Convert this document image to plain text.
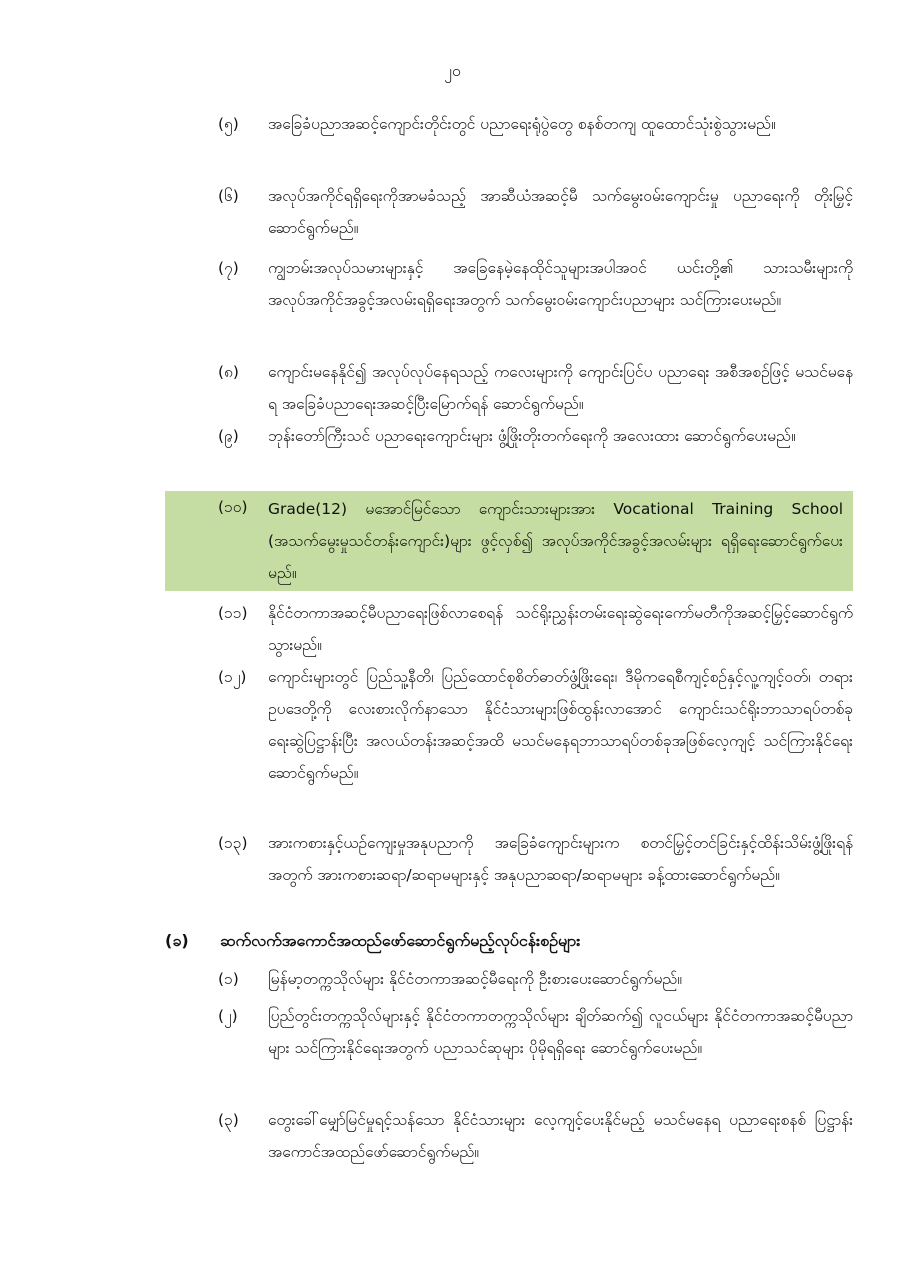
၂၀
(၅) အခြေခံပညာအဆင့်ကျောင်းတိုင်းတွင် ပညာရေးရုံပွဲတွေ စနစ်တကျ ထူထောင်သုံးစွဲသွားမည်။
(၆) အလုပ်အကိုင်ရရှိရေးကိုအာမခံသည့် အာဆီယံအဆင့်မီ သက်မွေးဝမ်းကျောင်းမှု ပညာရေးကို တိုးမြှင့် ဆောင်ရွက်မည်။
(၇) ကျွဘမ်းအလုပ်သမားများနှင့် အခြေနေမဲ့နေထိုင်သူများအပါအဝင် ယင်းတို့၏ သားသမီးများကို အလုပ်အကိုင်အခွင့်အလမ်းရရှိရေးအတွက် သက်မွေးဝမ်းကျောင်းပညာများ သင်ကြားပေးမည်။
(၈) ကျောင်းမနေနိုင်၍ အလုပ်လုပ်နေရသည့် ကလေးများကို ကျောင်းပြင်ပ ပညာရေး အစီအစဉ်ဖြင့် မသင်မနေရ အခြေခံပညာရေးအဆင့်ပြီးမြောက်ရန် ဆောင်ရွက်မည်။
(၉) ဘုန်းတော်ကြီးသင် ပညာရေးကျောင်းများ ဖွံ့ဖြိုးတိုးတက်ရေးကို အလေးထား ဆောင်ရွက်ပေးမည်။
(၁၀) Grade(12) မအောင်မြင်သော ကျောင်းသားများအား Vocational Training School (အသက်မွေးမှုသင်တန်းကျောင်း)များ ဖွင့်လှစ်၍ အလုပ်အကိုင်အခွင့်အလမ်းများ ရရှိရေးဆောင်ရွက်ပေးမည်။
(၁၁) နိုင်ငံတကာအဆင့်မီပညာရေးဖြစ်လာစေရန် သင်ရိုးညွှန်းတမ်းရေးဆွဲရေးကော်မတီကိုအဆင့်မြှင့်ဆောင်ရွက်သွားမည်။
(၁၂) ကျောင်းများတွင် ပြည်သူ့နီတိ၊ ပြည်ထောင်စုစိတ်ဓာတ်ဖွံ့ဖြိုးရေး၊ ဒီမိုကရေစီကျင့်စဉ်နှင့်လူ့ကျင့်ဝတ်၊ တရားဥပဒေတို့ကို လေးစားလိုက်နာသော နိုင်ငံသားများဖြစ်ထွန်းလာအောင် ကျောင်းသင်ရိုးဘာသာရပ်တစ်ခုရေးဆွဲပြဋ္ဌာန်းပြီး အလယ်တန်းအဆင့်အထိ မသင်မနေရဘာသာရပ်တစ်ခုအဖြစ်လေ့ကျင့် သင်ကြားနိုင်ရေးဆောင်ရွက်မည်။
(၁၃) အားကစားနှင့်ယဉ်ကျေးမှုအနုပညာကို အခြေခံကျောင်းများက စတင်မြှင့်တင်ခြင်းနှင့်ထိန်းသိမ်းဖွံ့ဖြိုးရန်အတွက် အားကစားဆရာ/ဆရာမများနှင့် အနုပညာဆရာ/ဆရာမများ ခန့်ထားဆောင်ရွက်မည်။
(ခ) ဆက်လက်အကောင်အထည်ဖော်ဆောင်ရွက်မည့်လုပ်ငန်းစဉ်များ
(၁) မြန်မာ့တက္ကသိုလ်များ နိုင်ငံတကာအဆင့်မီရေးကို ဦးစားပေးဆောင်ရွက်မည်။
(၂) ပြည်တွင်းတက္ကသိုလ်များနှင့် နိုင်ငံတကာတက္ကသိုလ်များ ချိတ်ဆက်၍ လူငယ်များ နိုင်ငံတကာအဆင့်မီပညာများ သင်ကြားနိုင်ရေးအတွက် ပညာသင်ဆုများ ပိုမိုရရှိရေး ဆောင်ရွက်ပေးမည်။
(၃) တွေးခေါ်မျှော်မြင်မှုရင့်သန်သော နိုင်ငံသားများ လေ့ကျင့်ပေးနိုင်မည့် မသင်မနေရ ပညာရေးစနစ် ပြဋ္ဌာန်းအကောင်အထည်ဖော်ဆောင်ရွက်မည်။
